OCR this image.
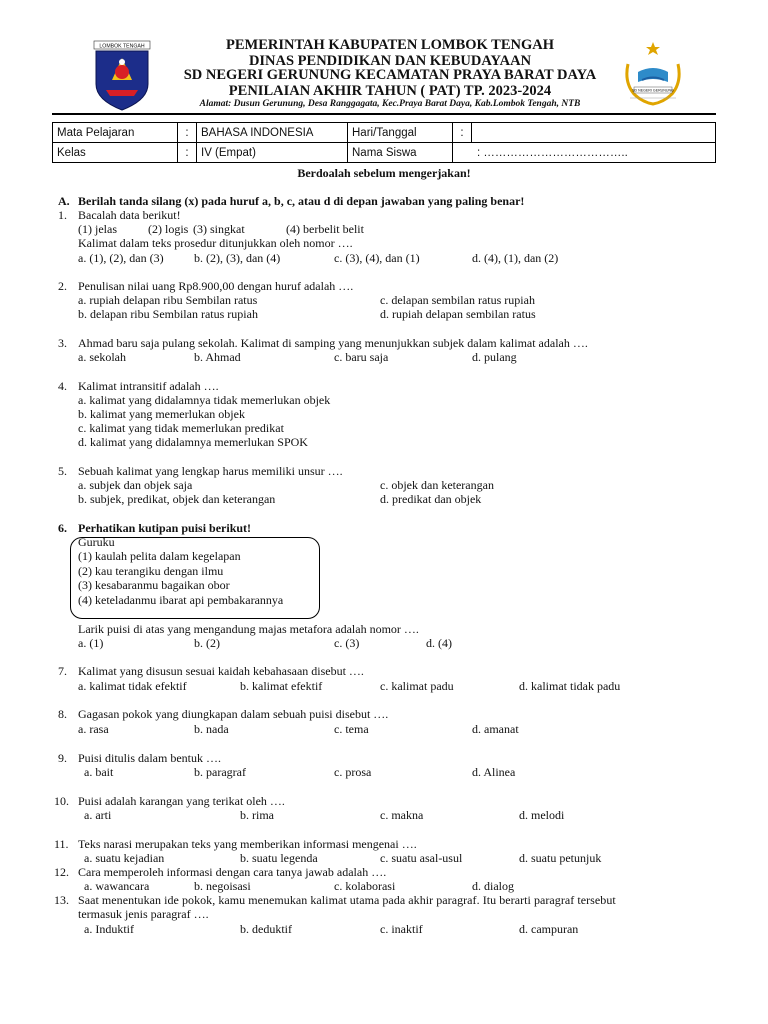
LOMBOK TENGAH
SD NEGERI GERUNUNG
PEMERINTAH KABUPATEN LOMBOK TENGAH
DINAS PENDIDIKAN DAN KEBUDAYAAN
SD NEGERI GERUNUNG KECAMATAN PRAYA BARAT DAYA
PENILAIAN AKHIR TAHUN ( PAT) TP. 2023-2024
Alamat: Dusun Gerunung, Desa Ranggagata, Kec.Praya Barat Daya, Kab.Lombok Tengah, NTB
Mata Pelajaran	:	BAHASA INDONESIA	Hari/Tanggal	:	
Kelas	:	IV (Empat)	Nama Siswa	: ………………………………..	
Berdoalah sebelum mengerjakan!
A. Berilah tanda silang (x) pada huruf a, b, c, atau d di depan jawaban yang paling benar!
1. Bacalah data berikut!
(1) jelas	(2) logis (3) singkat	(4) berbelit belit
Kalimat dalam teks prosedur ditunjukkan oleh nomor ….
a. (1), (2), dan (3)	b. (2), (3), dan (4)	c. (3), (4), dan (1)	d. (4), (1), dan (2)
2. Penulisan nilai uang Rp8.900,00 dengan huruf adalah ….
a. rupiah delapan ribu Sembilan ratus	c. delapan sembilan ratus rupiah
b. delapan ribu Sembilan ratus rupiah	d. rupiah delapan sembilan ratus
3. Ahmad baru saja pulang sekolah. Kalimat di samping yang menunjukkan subjek dalam kalimat adalah ….
a. sekolah	b. Ahmad	c. baru saja	d. pulang
4. Kalimat intransitif adalah ….
a. kalimat yang didalamnya tidak memerlukan objek
b. kalimat yang memerlukan objek
c. kalimat yang tidak memerlukan predikat
d. kalimat yang didalamnya memerlukan SPOK
5. Sebuah kalimat yang lengkap harus memiliki unsur ….
a. subjek dan objek saja	c. objek dan keterangan
b. subjek, predikat, objek dan keterangan	d. predikat dan objek
6. Perhatikan kutipan puisi berikut!
Guruku
(1) kaulah pelita dalam kegelapan
(2) kau terangiku dengan ilmu
(3) kesabaranmu bagaikan obor
(4) keteladanmu ibarat api pembakarannya
Larik puisi di atas yang mengandung majas metafora adalah nomor ….
a. (1)	b. (2)	c. (3)	d. (4)
7. Kalimat yang disusun sesuai kaidah kebahasaan disebut ….
a. kalimat tidak efektif	b. kalimat efektif	c. kalimat padu	d. kalimat tidak padu
8. Gagasan pokok yang diungkapan dalam sebuah puisi disebut ….
a. rasa	b. nada	c. tema	d. amanat
9. Puisi ditulis dalam bentuk ….
a. bait	b. paragraf	c. prosa	d. Alinea
10. Puisi adalah karangan yang terikat oleh ….
a. arti	b. rima	c. makna	d. melodi
11. Teks narasi merupakan teks yang memberikan informasi mengenai ….
a. suatu kejadian	b. suatu legenda	c. suatu asal-usul	d. suatu petunjuk
12. Cara memperoleh informasi dengan cara tanya jawab adalah ….
a. wawancara	b. negoisasi	c. kolaborasi	d. dialog
13. Saat menentukan ide pokok, kamu menemukan kalimat utama pada akhir paragraf. Itu berarti paragraf tersebut
termasuk jenis paragraf ….
a. Induktif	b. deduktif	c. inaktif	d. campuran
